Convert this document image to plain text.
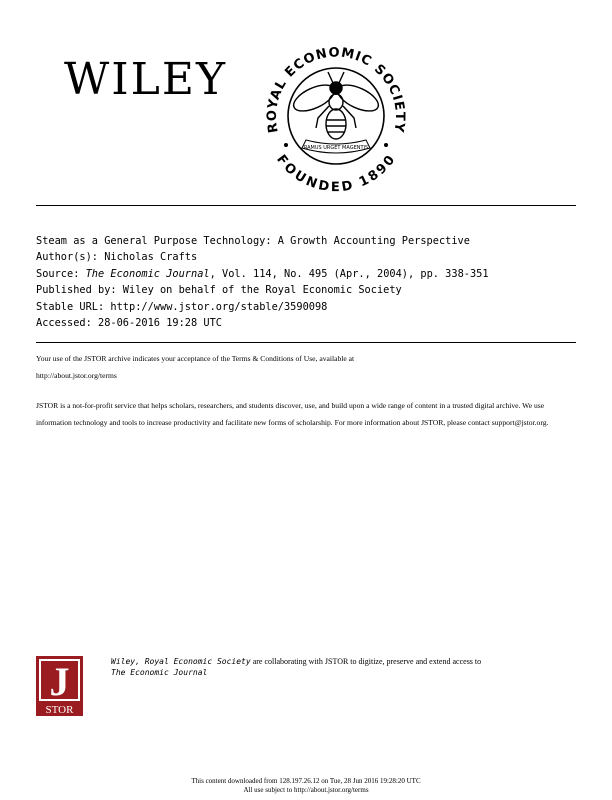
WILEY
ROYAL ECONOMIC SOCIETY
FOUNDED 1890
RAMUS URGET MAGENTIS
Steam as a General Purpose Technology: A Growth Accounting Perspective
Author(s): Nicholas Crafts
Source: The Economic Journal, Vol. 114, No. 495 (Apr., 2004), pp. 338-351
Published by: Wiley on behalf of the Royal Economic Society
Stable URL: http://www.jstor.org/stable/3590098
Accessed: 28-06-2016 19:28 UTC

Your use of the JSTOR archive indicates your acceptance of the Terms & Conditions of Use, available at
http://about.jstor.org/terms

JSTOR is a not-for-profit service that helps scholars, researchers, and students discover, use, and build upon a wide range of content in a trusted digital archive. We use information technology and tools to increase productivity and facilitate new forms of scholarship. For more information about JSTOR, please contact support@jstor.org.

J
STOR
Wiley, Royal Economic Society are collaborating with JSTOR to digitize, preserve and extend access to
The Economic Journal
This content downloaded from 128.197.26.12 on Tue, 28 Jun 2016 19:28:20 UTC
All use subject to http://about.jstor.org/terms
